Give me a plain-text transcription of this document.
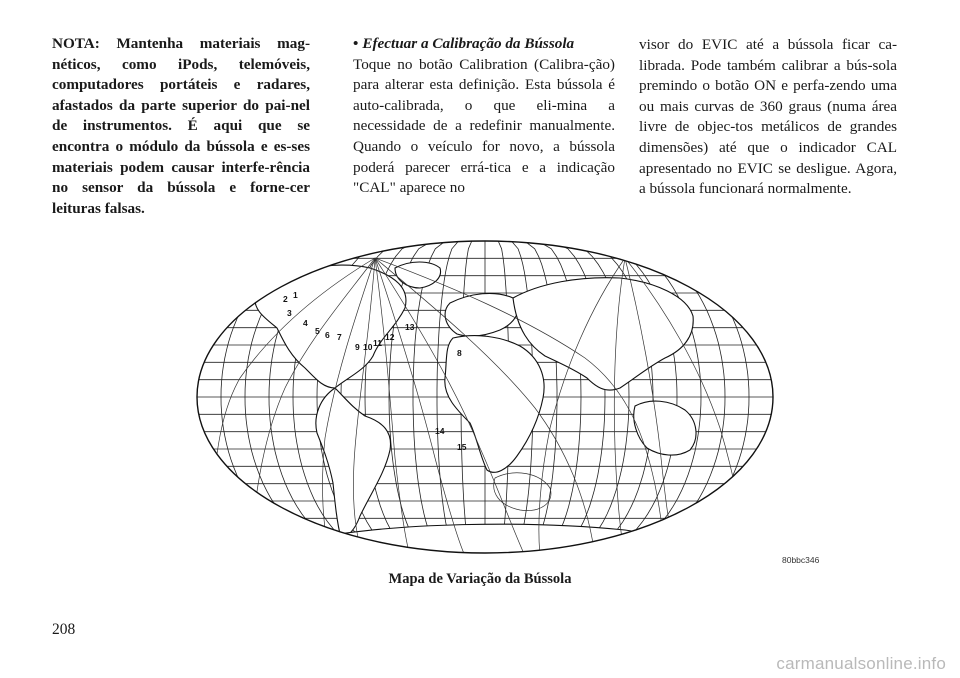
NOTA: Mantenha materiais mag-néticos, como iPods, telemóveis, computadores portáteis e radares, afastados da parte superior do pai-nel de instrumentos. É aqui que se encontra o módulo da bússola e es-ses materiais podem causar interfe-rência no sensor da bússola e forne-cer leituras falsas.

• Efectuar a Calibração da Bússola

Toque no botão Calibration (Calibra-ção) para alterar esta definição. Esta bússola é auto-calibrada, o que eli-mina a necessidade de a redefinir manualmente. Quando o veículo for novo, a bússola poderá parecer errá-tica e a indicação "CAL" aparece no

visor do EVIC até a bússola ficar ca-librada. Pode também calibrar a bús-sola premindo o botão ON e perfa-zendo uma ou mais curvas de 360 graus (numa área livre de objec-tos metálicos de grandes dimensões) até que o indicador CAL apresentado no EVIC se desligue. Agora, a bússola funcionará normalmente.

1
2
3
4
5 6 7
8
9 10 11
12
13
14
15
80bbc346
Mapa de Variação da Bússola
208
carmanualsonline.info
